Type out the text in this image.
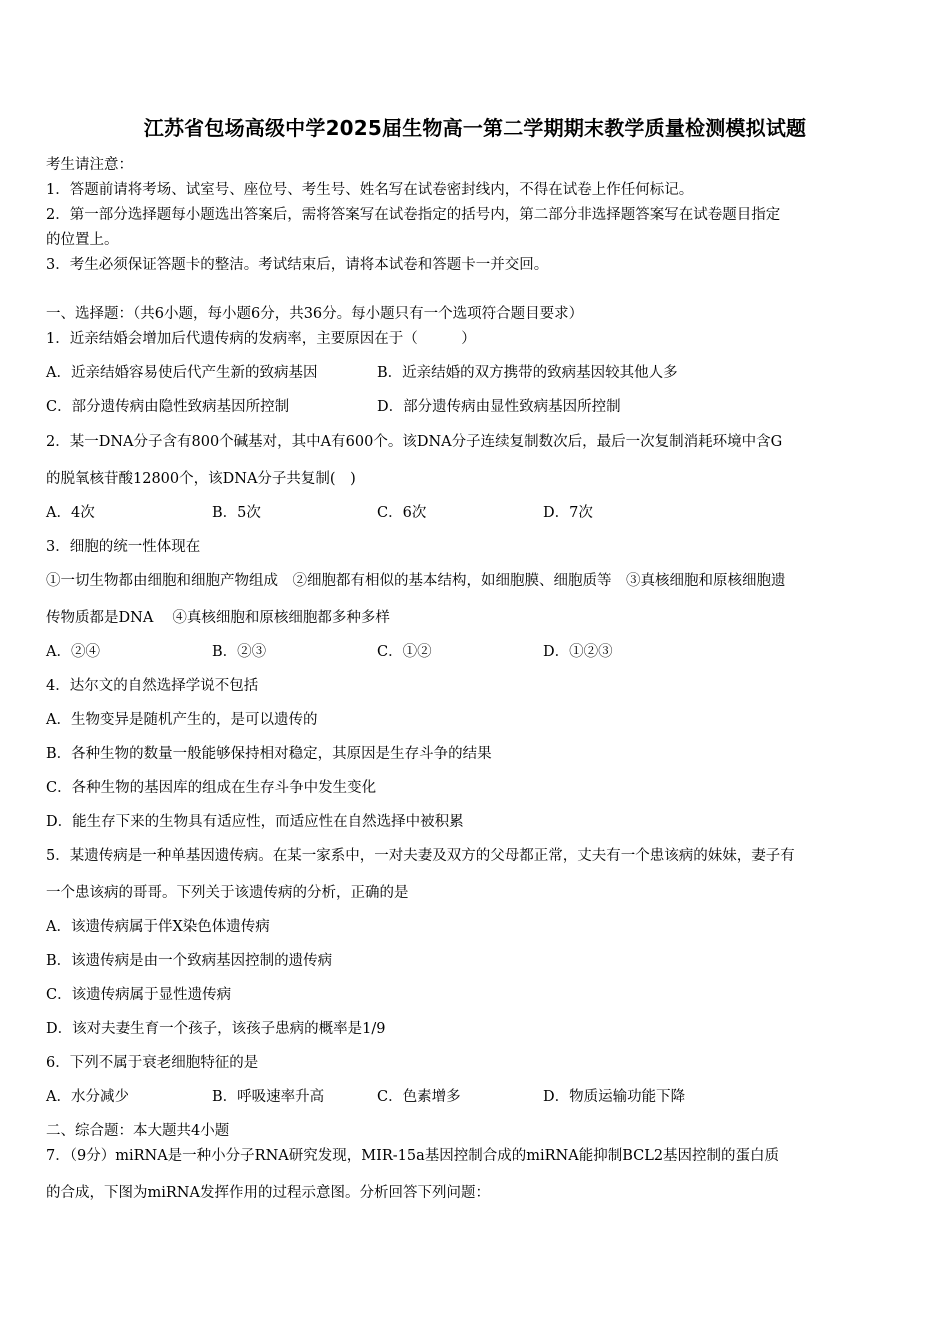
江苏省包场高级中学2025届生物高一第二学期期末教学质量检测模拟试题
考生请注意：
1．答题前请将考场、试室号、座位号、考生号、姓名写在试卷密封线内，不得在试卷上作任何标记。
2．第一部分选择题每小题选出答案后，需将答案写在试卷指定的括号内，第二部分非选择题答案写在试卷题目指定
的位置上。
3．考生必须保证答题卡的整洁。考试结束后，请将本试卷和答题卡一并交回。
一、选择题：（共6小题，每小题6分，共36分。每小题只有一个选项符合题目要求）
1．近亲结婚会增加后代遗传病的发病率，主要原因在于（　　　）
A．近亲结婚容易使后代产生新的致病基因	B．近亲结婚的双方携带的致病基因较其他人多
C．部分遗传病由隐性致病基因所控制	D．部分遗传病由显性致病基因所控制
2．某一DNA分子含有800个碱基对，其中A有600个。该DNA分子连续复制数次后，最后一次复制消耗环境中含G
的脱氧核苷酸12800个，该DNA分子共复制(　)
A．4次	B．5次	C．6次	D．7次
3．细胞的统一性体现在
①一切生物都由细胞和细胞产物组成　②细胞都有相似的基本结构，如细胞膜、细胞质等　③真核细胞和原核细胞遗
传物质都是DNA　 ④真核细胞和原核细胞都多种多样
A．②④	B．②③	C．①②	D．①②③
4．达尔文的自然选择学说不包括
A．生物变异是随机产生的，是可以遗传的
B．各种生物的数量一般能够保持相对稳定，其原因是生存斗争的结果
C．各种生物的基因库的组成在生存斗争中发生变化
D．能生存下来的生物具有适应性，而适应性在自然选择中被积累
5．某遗传病是一种单基因遗传病。在某一家系中，一对夫妻及双方的父母都正常，丈夫有一个患该病的妹妹，妻子有
一个患该病的哥哥。下列关于该遗传病的分析，正确的是
A．该遗传病属于伴X染色体遗传病
B．该遗传病是由一个致病基因控制的遗传病
C．该遗传病属于显性遗传病
D．该对夫妻生育一个孩子，该孩子患病的概率是1/9
6．下列不属于衰老细胞特征的是
A．水分减少	B．呼吸速率升高	C．色素增多	D．物质运输功能下降
二、综合题：本大题共4小题
7．（9分）miRNA是一种小分子RNA研究发现，MIR-15a基因控制合成的miRNA能抑制BCL2基因控制的蛋白质
的合成，下图为miRNA发挥作用的过程示意图。分析回答下列问题：
